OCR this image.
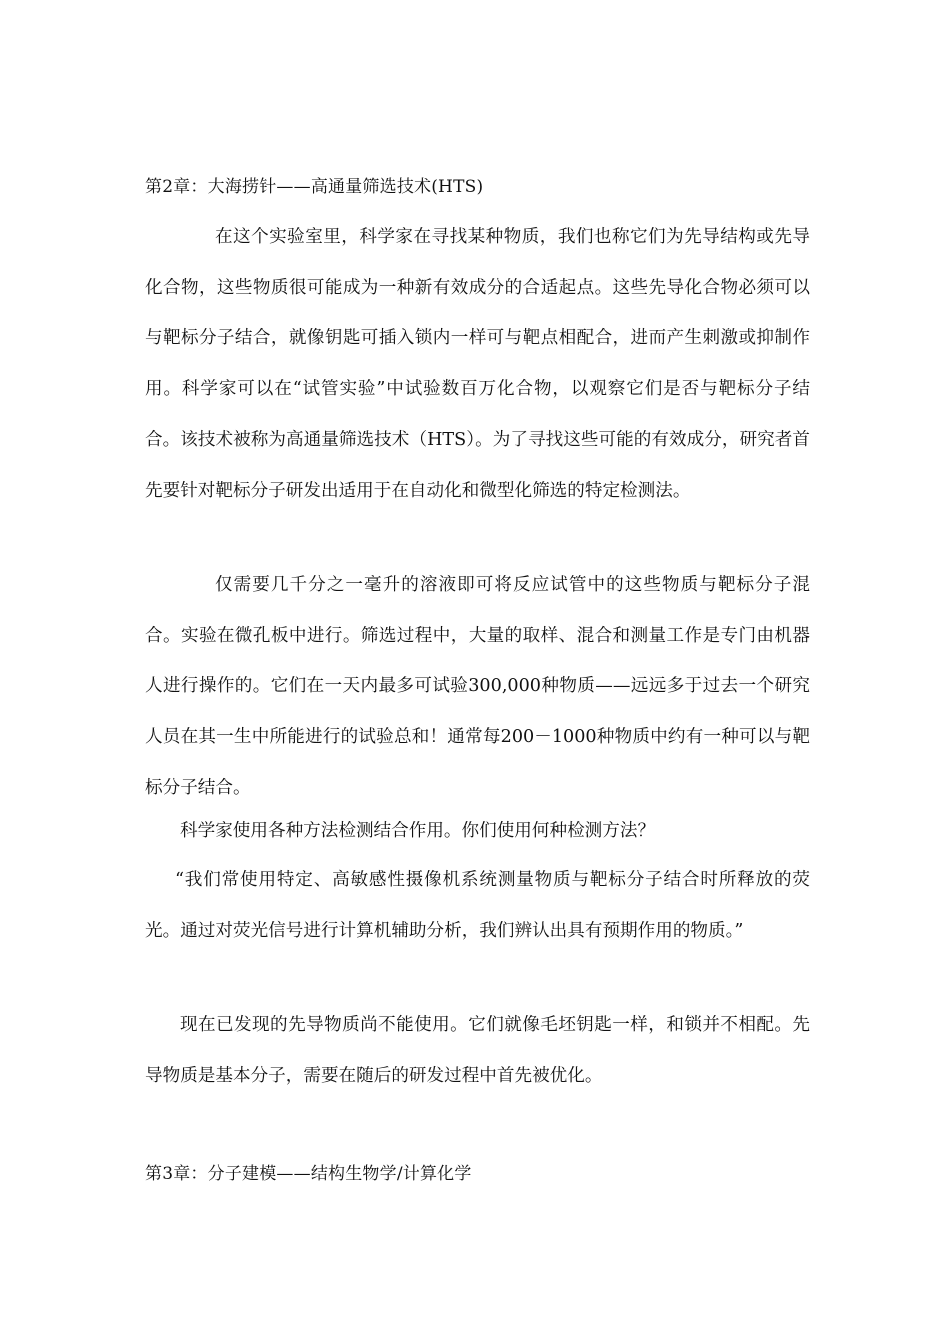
第2章：大海捞针——高通量筛选技术(HTS)

在这个实验室里，科学家在寻找某种物质，我们也称它们为先导结构或先导化合物，这些物质很可能成为一种新有效成分的合适起点。这些先导化合物必须可以与靶标分子结合，就像钥匙可插入锁内一样可与靶点相配合，进而产生刺激或抑制作用。科学家可以在“试管实验”中试验数百万化合物，以观察它们是否与靶标分子结合。该技术被称为高通量筛选技术（HTS）。为了寻找这些可能的有效成分，研究者首先要针对靶标分子研发出适用于在自动化和微型化筛选的特定检测法。

仅需要几千分之一毫升的溶液即可将反应试管中的这些物质与靶标分子混合。实验在微孔板中进行。筛选过程中，大量的取样、混合和测量工作是专门由机器人进行操作的。它们在一天内最多可试验300,000种物质——远远多于过去一个研究人员在其一生中所能进行的试验总和！通常每200－1000种物质中约有一种可以与靶标分子结合。

科学家使用各种方法检测结合作用。你们使用何种检测方法？

“我们常使用特定、高敏感性摄像机系统测量物质与靶标分子结合时所释放的荧光。通过对荧光信号进行计算机辅助分析，我们辨认出具有预期作用的物质。”

现在已发现的先导物质尚不能使用。它们就像毛坯钥匙一样，和锁并不相配。先导物质是基本分子，需要在随后的研发过程中首先被优化。

第3章：分子建模——结构生物学/计算化学
